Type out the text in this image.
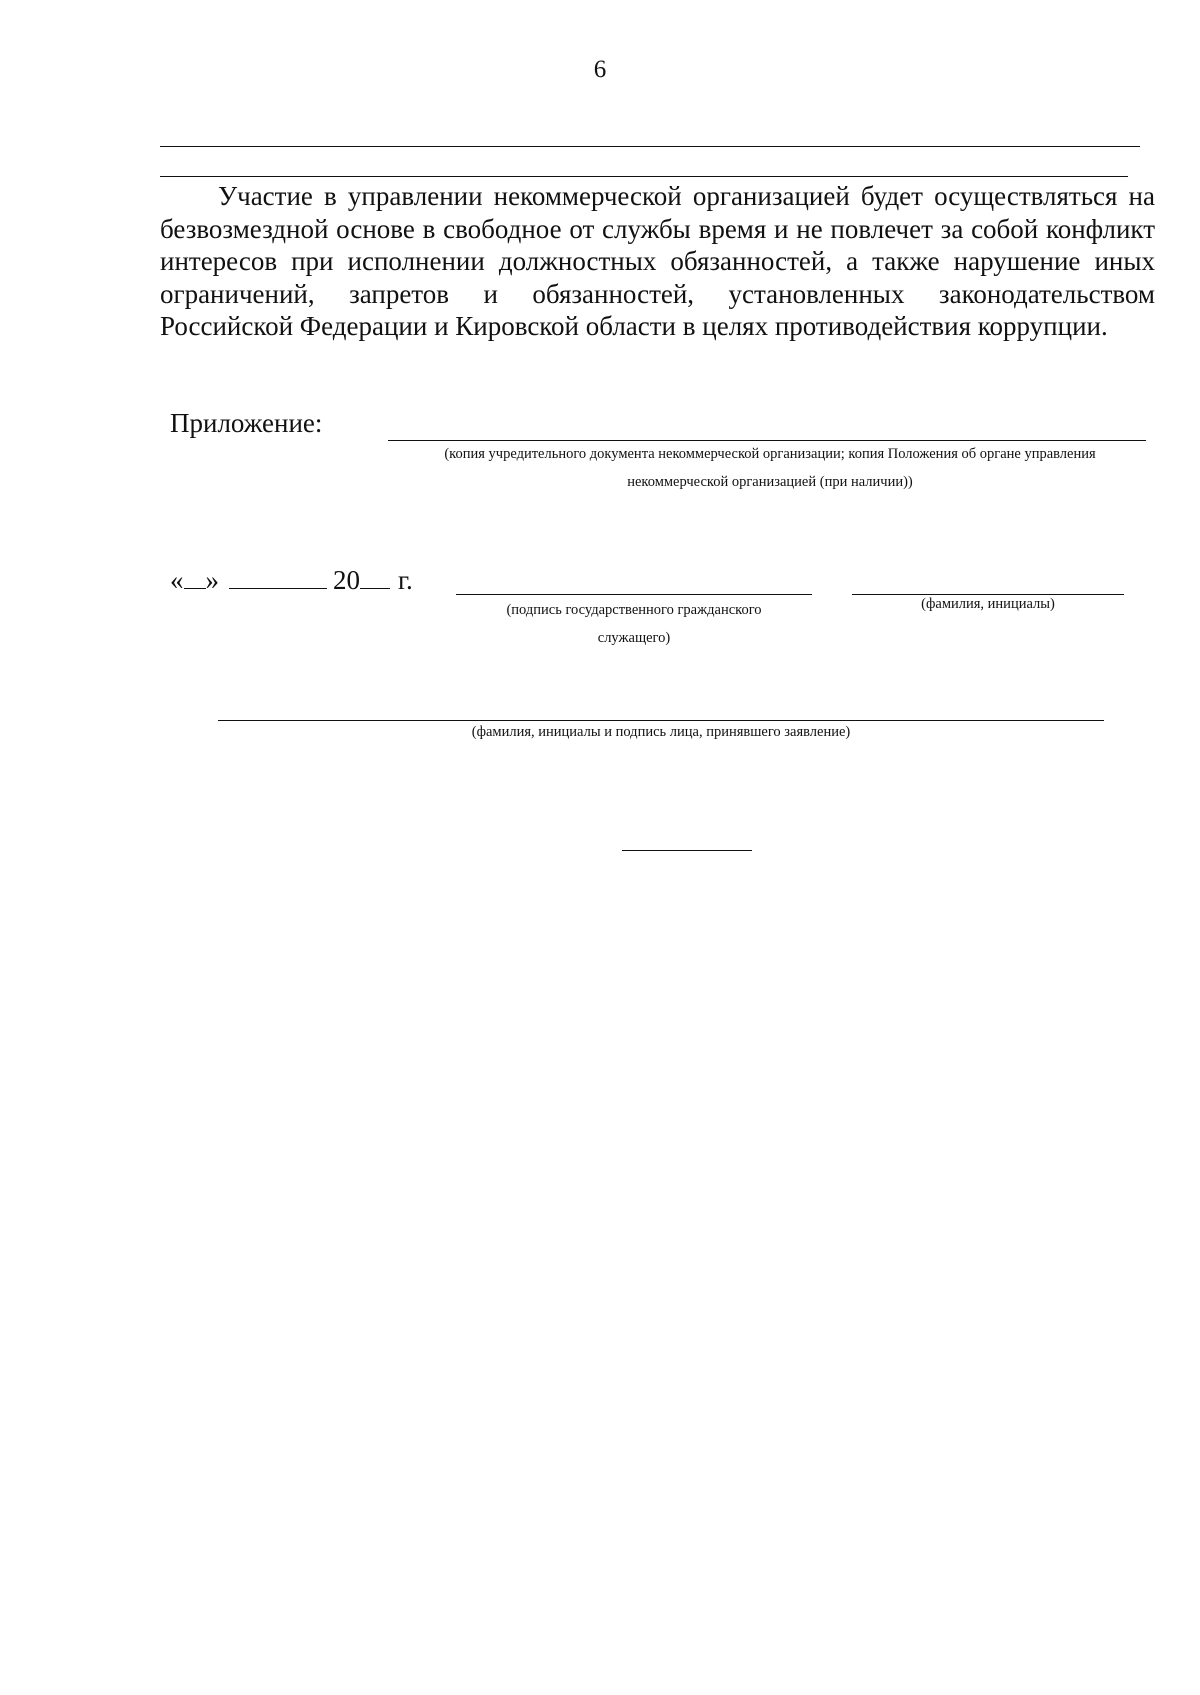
6

Участие в управлении некоммерческой организацией будет осуществляться на безвозмездной основе в свободное от службы время и не повлечет за собой конфликт интересов при исполнении должностных обязанностей, а также нарушение иных ограничений, запретов и обязанностей, установленных законодательством Российской Федерации и Кировской области в целях противодействия коррупции.

Приложение:
(копия учредительного документа некоммерческой организации; копия Положения об органе управления
некоммерческой организацией (при наличии))
« »	20 г.
(подпись государственного гражданского
служащего)
(фамилия, инициалы)
(фамилия, инициалы и подпись лица, принявшего заявление)
